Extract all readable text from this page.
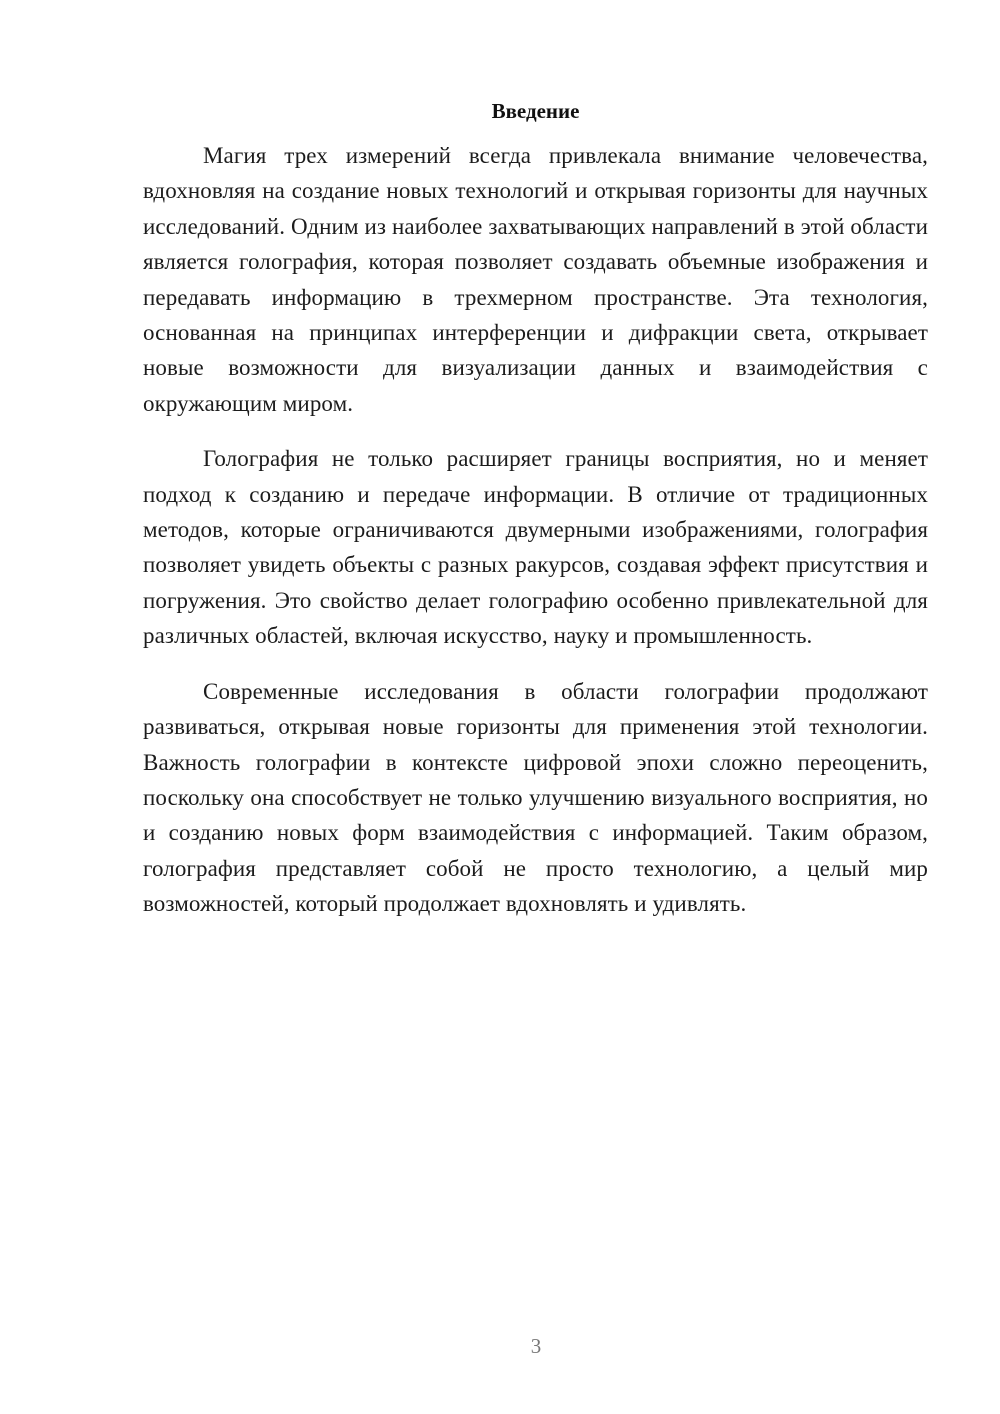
Введение

Магия трех измерений всегда привлекала внимание человечества, вдохновляя на создание новых технологий и открывая горизонты для научных исследований. Одним из наиболее захватывающих направлений в этой области является голография, которая позволяет создавать объемные изображения и передавать информацию в трехмерном пространстве. Эта технология, основанная на принципах интерференции и дифракции света, открывает новые возможности для визуализации данных и взаимодействия с окружающим миром.

Голография не только расширяет границы восприятия, но и меняет подход к созданию и передаче информации. В отличие от традиционных методов, которые ограничиваются двумерными изображениями, голография позволяет увидеть объекты с разных ракурсов, создавая эффект присутствия и погружения. Это свойство делает голографию особенно привлекательной для различных областей, включая искусство, науку и промышленность.

Современные исследования в области голографии продолжают развиваться, открывая новые горизонты для применения этой технологии. Важность голографии в контексте цифровой эпохи сложно переоценить, поскольку она способствует не только улучшению визуального восприятия, но и созданию новых форм взаимодействия с информацией. Таким образом, голография представляет собой не просто технологию, а целый мир возможностей, который продолжает вдохновлять и удивлять.

3
